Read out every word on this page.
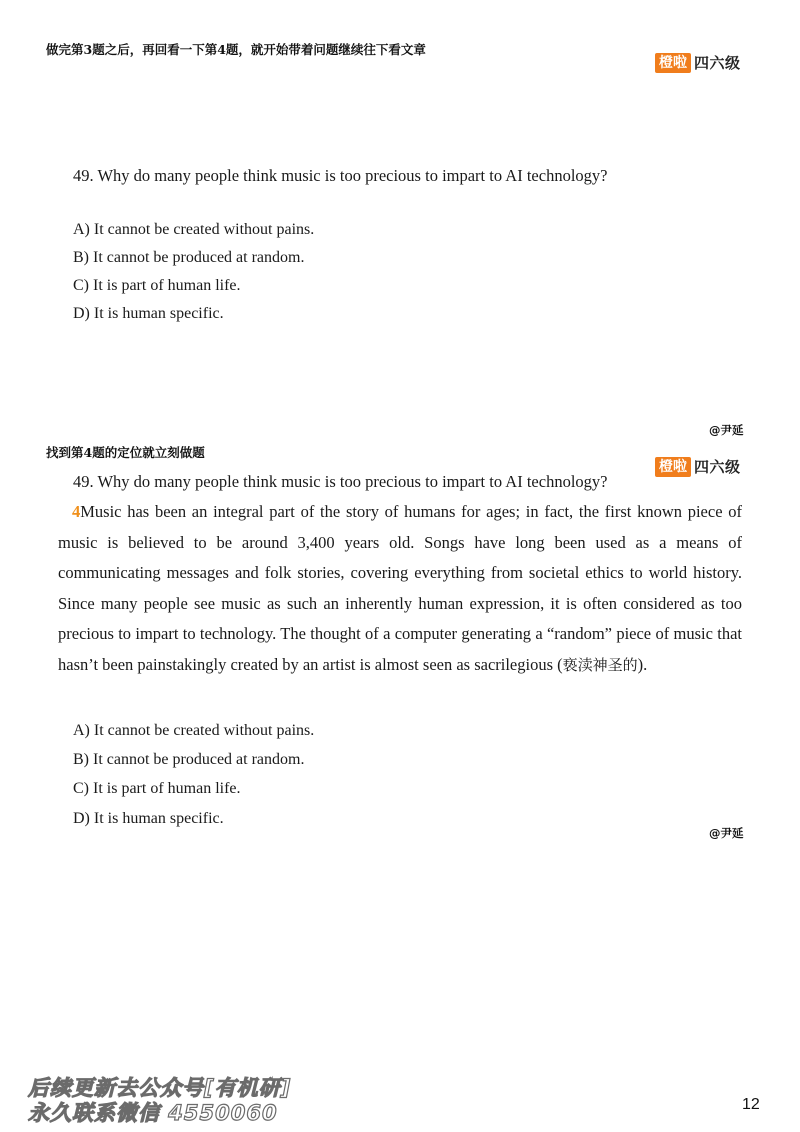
做完第3题之后，再回看一下第4题，就开始带着问题继续往下看文章
橙啦 四六级
49. Why do many people think music is too precious to impart to AI technology?
A) It cannot be created without pains.
B) It cannot be produced at random.
C) It is part of human life.
D) It is human specific.
@尹延
找到第4题的定位就立刻做题
橙啦 四六级
49. Why do many people think music is too precious to impart to AI technology?
4Music has been an integral part of the story of humans for ages; in fact, the first known piece of music is believed to be around 3,400 years old. Songs have long been used as a means of communicating messages and folk stories, covering everything from societal ethics to world history. Since many people see music as such an inherently human expression, it is often considered as too precious to impart to technology. The thought of a computer generating a “random” piece of music that hasn’t been painstakingly created by an artist is almost seen as sacrilegious (亵渎神圣的).
A) It cannot be created without pains.
B) It cannot be produced at random.
C) It is part of human life.
D) It is human specific.
@尹延
后续更新去公众号[有机研]
永久联系微信 4550060	12
